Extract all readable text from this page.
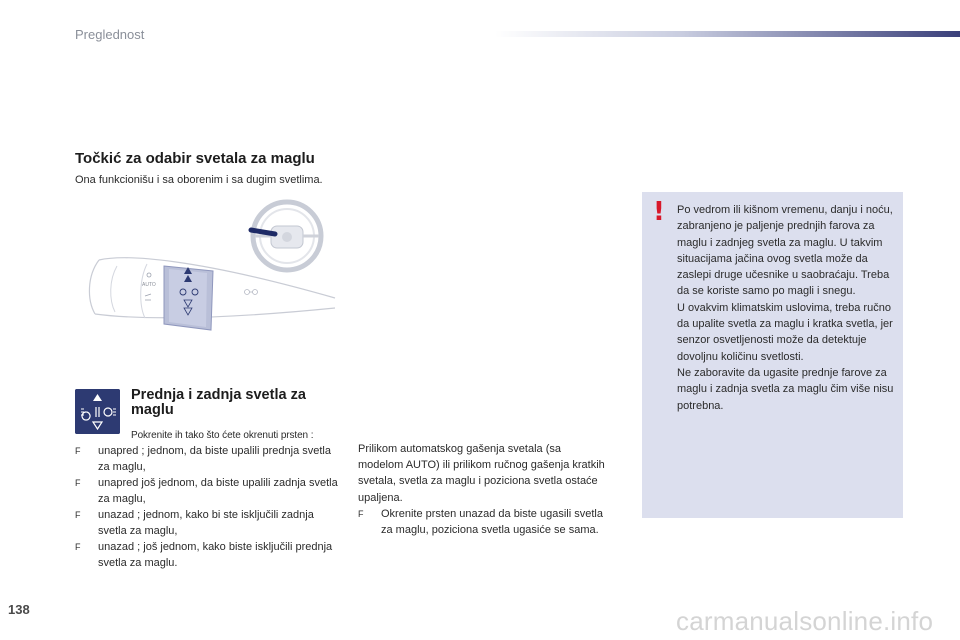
Preglednost
Točkić za odabir svetala za maglu
Ona funkcionišu i sa oborenim i sa dugim svetlima.
AUTO
Prednja i zadnja svetla za maglu
Pokrenite ih tako što ćete okrenuti prsten :
F unapred ; jednom, da biste upalili prednja svetla za maglu,
F unapred još jednom, da biste upalili zadnja svetla za maglu,
F unazad ; jednom, kako bi ste isključili zadnja svetla za maglu,
F unazad ; još jednom, kako biste isključili prednja svetla za maglu.

Prilikom automatskog gašenja svetala (sa modelom AUTO) ili prilikom ručnog gašenja kratkih svetala, svetla za maglu i poziciona svetla ostaće upaljena.

F Okrenite prsten unazad da biste ugasili svetla za maglu, poziciona svetla ugasiće se sama.

! Po vedrom ili kišnom vremenu, danju i noću, zabranjeno je paljenje prednjih farova za maglu i zadnjeg svetla za maglu. U takvim situacijama jačina ovog svetla može da zaslepi druge učesnike u saobraćaju. Treba da se koriste samo po magli i snegu.

U ovakvim klimatskim uslovima, treba ručno da upalite svetla za maglu i kratka svetla, jer senzor osvetljenosti može da detektuje dovoljnu količinu svetlosti.

Ne zaboravite da ugasite prednje farove za maglu i zadnja svetla za maglu čim više nisu potrebna.

138	carmanualsonline.info
